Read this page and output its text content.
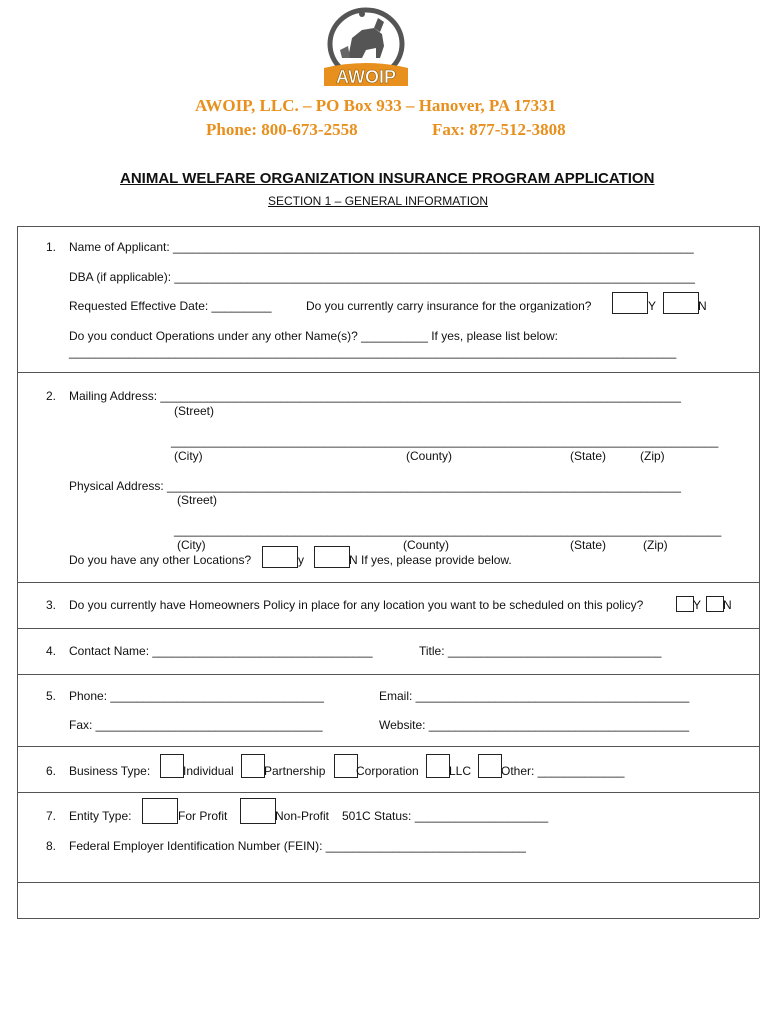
AWOIP
AWOIP, LLC. – PO Box 933 – Hanover, PA 17331
Phone: 800-673-2558	Fax: 877-512-3808
ANIMAL WELFARE ORGANIZATION INSURANCE PROGRAM APPLICATION
SECTION 1 – GENERAL INFORMATION
1. Name of Applicant: ______________________________________________________________________________
DBA (if applicable): ______________________________________________________________________________
Requested Effective Date: _________	Do you currently carry insurance for the organization?	Y	N
Do you conduct Operations under any other Name(s)? __________ If yes, please list below:
___________________________________________________________________________________________
2. Mailing Address: ______________________________________________________________________________
(Street)
__________________________________________________________________________________
(City)	(County)	(State)	(Zip)
Physical Address: _____________________________________________________________________________
(Street)
__________________________________________________________________________________
(City)	(County)	(State)	(Zip)
Do you have any other Locations?	y	N If yes, please provide below.
3. Do you currently have Homeowners Policy in place for any location you want to be scheduled on this policy?	Y N
4. Contact Name: _________________________________	Title: ________________________________
5. Phone: ________________________________	Email: _________________________________________
Fax: __________________________________	Website: _______________________________________
6. Business Type:	Individual	Partnership	Corporation	LLC Other: _____________
7. Entity Type:	For Profit	Non-Profit 501C Status: ____________________
8. Federal Employer Identification Number (FEIN): ______________________________
